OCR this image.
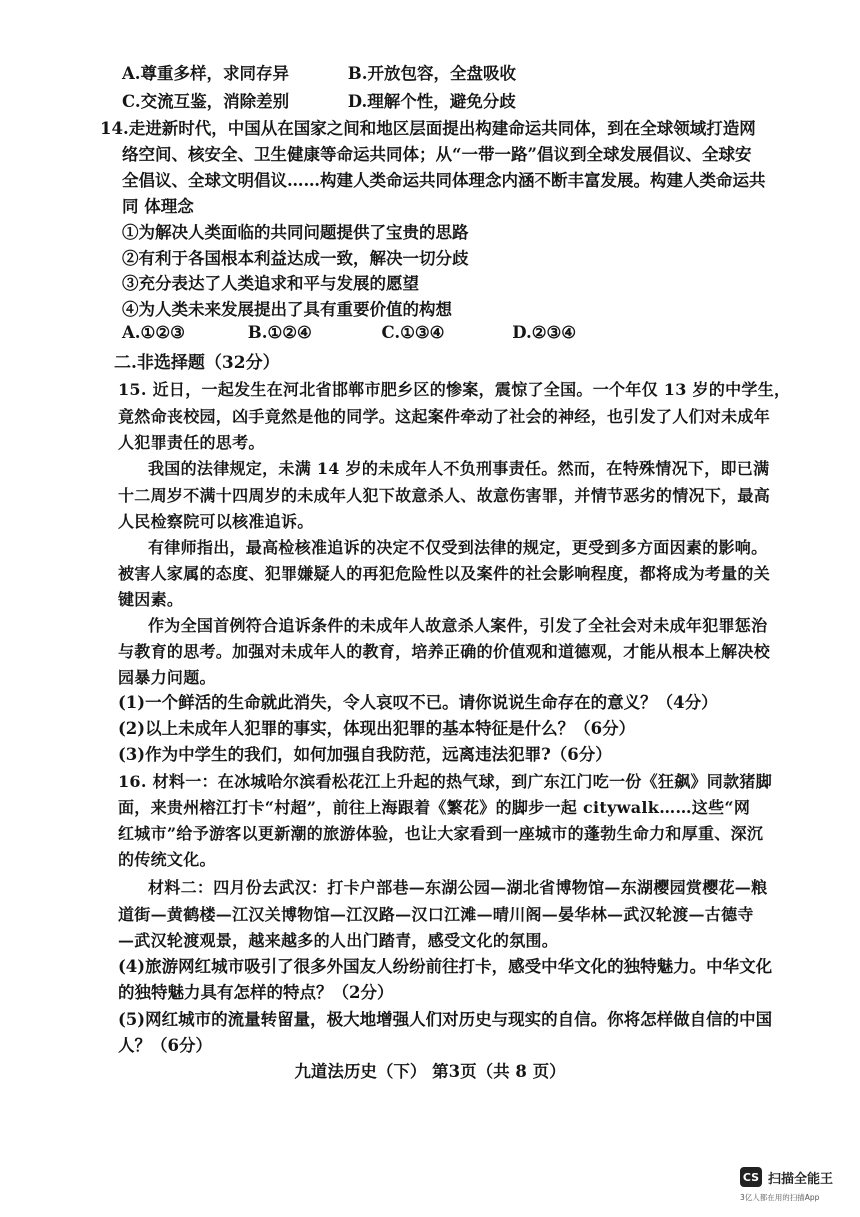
A.尊重多样，求同存异	B.开放包容，全盘吸收
C.交流互鉴，消除差别	D.理解个性，避免分歧
14.走进新时代，中国从在国家之间和地区层面提出构建命运共同体，到在全球领域打造网
络空间、核安全、卫生健康等命运共同体；从“一带一路”倡议到全球发展倡议、全球安
全倡议、全球文明倡议……构建人类命运共同体理念内涵不断丰富发展。构建人类命运共
同 体理念
①为解决人类面临的共同问题提供了宝贵的思路
②有利于各国根本利益达成一致，解决一切分歧
③充分表达了人类追求和平与发展的愿望
④为人类未来发展提出了具有重要价值的构想
A.①②③	B.①②④	C.①③④	D.②③④
二.非选择题（32分）
15. 近日，一起发生在河北省邯郸市肥乡区的惨案，震惊了全国。一个年仅 13 岁的中学生，
竟然命丧校园，凶手竟然是他的同学。这起案件牵动了社会的神经，也引发了人们对未成年
人犯罪责任的思考。
我国的法律规定，未满 14 岁的未成年人不负刑事责任。然而，在特殊情况下，即已满
十二周岁不满十四周岁的未成年人犯下故意杀人、故意伤害罪，并情节恶劣的情况下，最高
人民检察院可以核准追诉。
有律师指出，最高检核准追诉的决定不仅受到法律的规定，更受到多方面因素的影响。
被害人家属的态度、犯罪嫌疑人的再犯危险性以及案件的社会影响程度，都将成为考量的关
键因素。
作为全国首例符合追诉条件的未成年人故意杀人案件，引发了全社会对未成年犯罪惩治
与教育的思考。加强对未成年人的教育，培养正确的价值观和道德观，才能从根本上解决校
园暴力问题。
(1)一个鲜活的生命就此消失，令人哀叹不已。请你说说生命存在的意义？（4分）
(2)以上未成年人犯罪的事实，体现出犯罪的基本特征是什么？（6分）
(3)作为中学生的我们，如何加强自我防范，远离违法犯罪?（6分）
16. 材料一：在冰城哈尔滨看松花江上升起的热气球，到广东江门吃一份《狂飙》同款猪脚
面，来贵州榕江打卡“村超”，前往上海跟着《繁花》的脚步一起 citywalk……这些“网
红城市”给予游客以更新潮的旅游体验，也让大家看到一座城市的蓬勃生命力和厚重、深沉
的传统文化。
材料二：四月份去武汉：打卡户部巷—东湖公园—湖北省博物馆—东湖樱园赏樱花—粮
道街—黄鹤楼—江汉关博物馆—江汉路—汉口江滩—晴川阁—晏华林—武汉轮渡—古德寺
—武汉轮渡观景，越来越多的人出门踏青，感受文化的氛围。
(4)旅游网红城市吸引了很多外国友人纷纷前往打卡，感受中华文化的独特魅力。中华文化
的独特魅力具有怎样的特点？（2分）
(5)网红城市的流量转留量，极大地增强人们对历史与现实的自信。你将怎样做自信的中国
人？（6分）
九道法历史（下） 第3页（共 8 页）
CS 扫描全能王
3亿人都在用的扫描App
